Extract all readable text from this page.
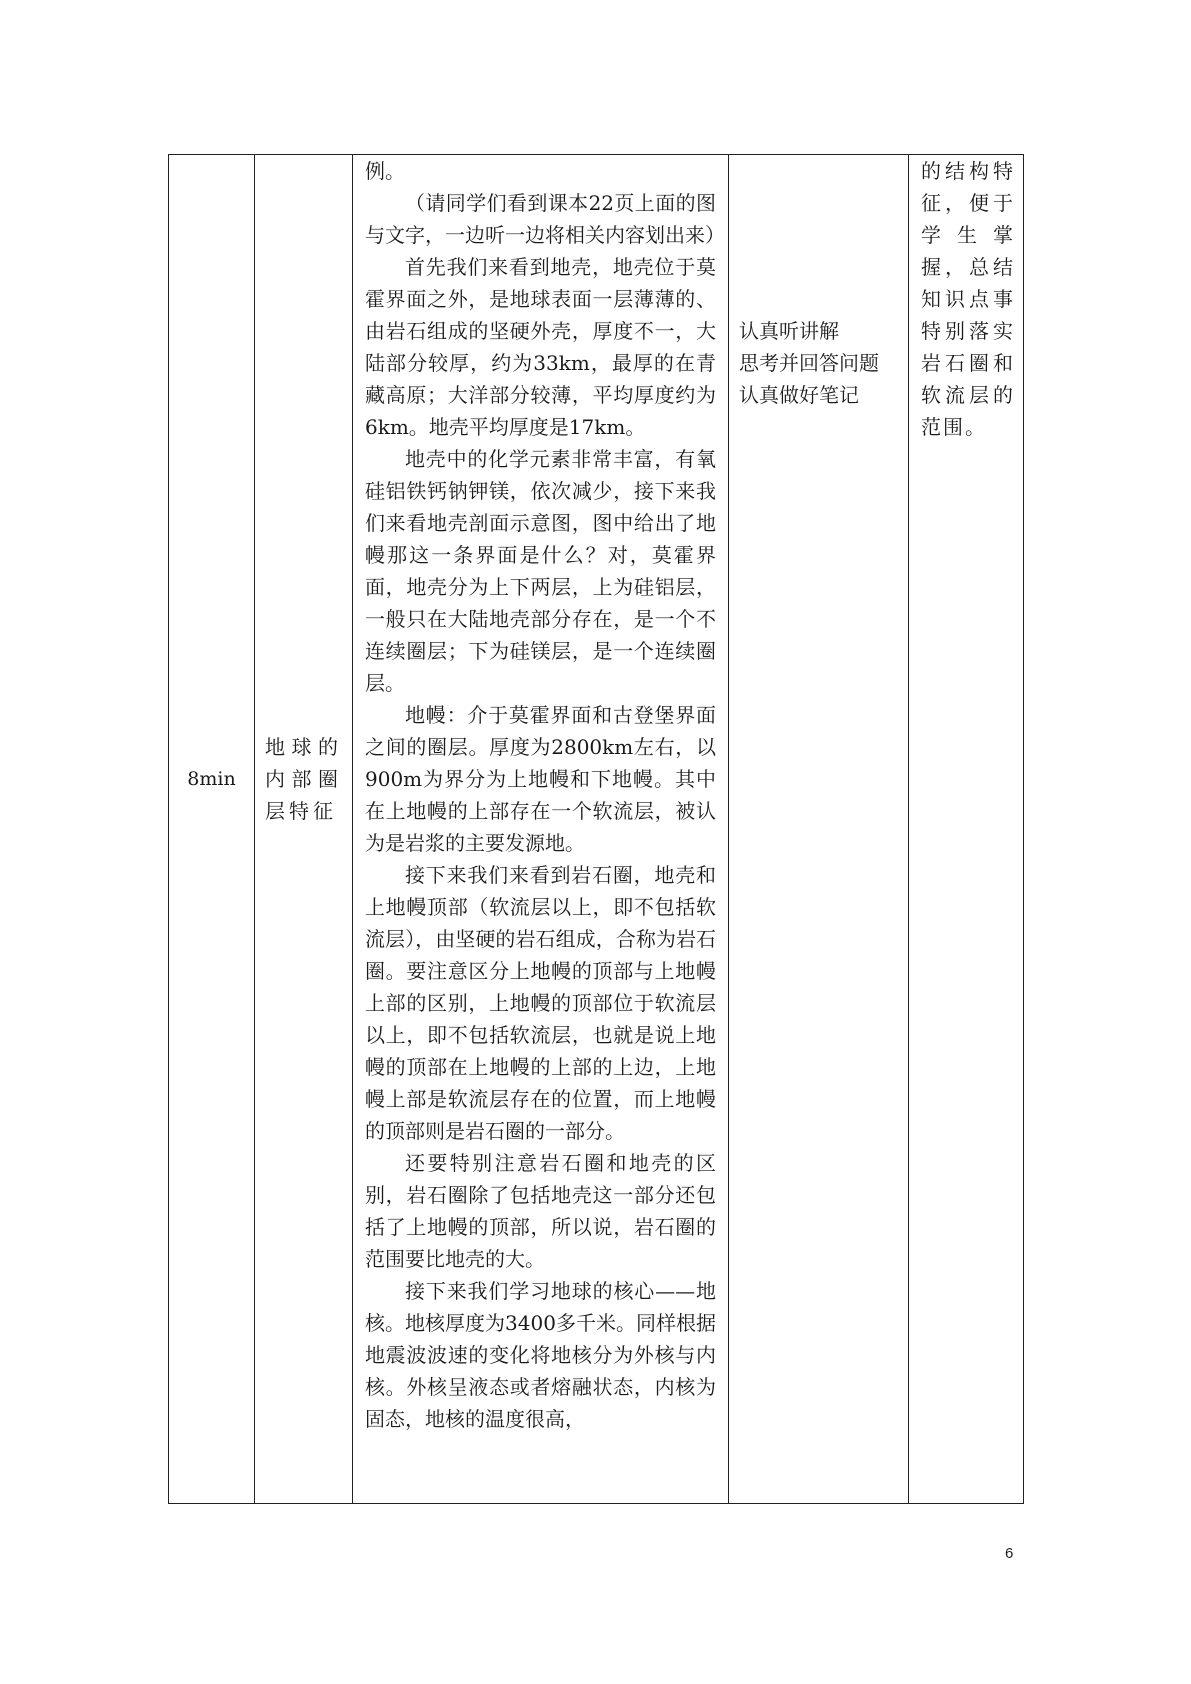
8min
地球的内部圈层特征

例。

（请同学们看到课本22页上面的图与文字，一边听一边将相关内容划出来）

首先我们来看到地壳，地壳位于莫霍界面之外，是地球表面一层薄薄的、由岩石组成的坚硬外壳，厚度不一，大陆部分较厚，约为33km，最厚的在青藏高原；大洋部分较薄，平均厚度约为6km。地壳平均厚度是17km。

地壳中的化学元素非常丰富，有氧硅铝铁钙钠钾镁，依次减少，接下来我们来看地壳剖面示意图，图中给出了地幔那这一条界面是什么？对，莫霍界面，地壳分为上下两层，上为硅铝层，一般只在大陆地壳部分存在，是一个不连续圈层；下为硅镁层，是一个连续圈层。

地幔：介于莫霍界面和古登堡界面之间的圈层。厚度为2800km左右，以900m为界分为上地幔和下地幔。其中在上地幔的上部存在一个软流层，被认为是岩浆的主要发源地。

接下来我们来看到岩石圈，地壳和上地幔顶部（软流层以上，即不包括软流层），由坚硬的岩石组成，合称为岩石圈。要注意区分上地幔的顶部与上地幔上部的区别，上地幔的顶部位于软流层以上，即不包括软流层，也就是说上地幔的顶部在上地幔的上部的上边，上地幔上部是软流层存在的位置，而上地幔的顶部则是岩石圈的一部分。

还要特别注意岩石圈和地壳的区别，岩石圈除了包括地壳这一部分还包括了上地幔的顶部，所以说，岩石圈的范围要比地壳的大。

接下来我们学习地球的核心——地核。地核厚度为3400多千米。同样根据地震波波速的变化将地核分为外核与内核。外核呈液态或者熔融状态，内核为固态，地核的温度很高，

认真听讲解
思考并回答问题
认真做好笔记
的结构特征，便于学生掌握，总结知识点事特别落实岩石圈和软流层的范围。
6
